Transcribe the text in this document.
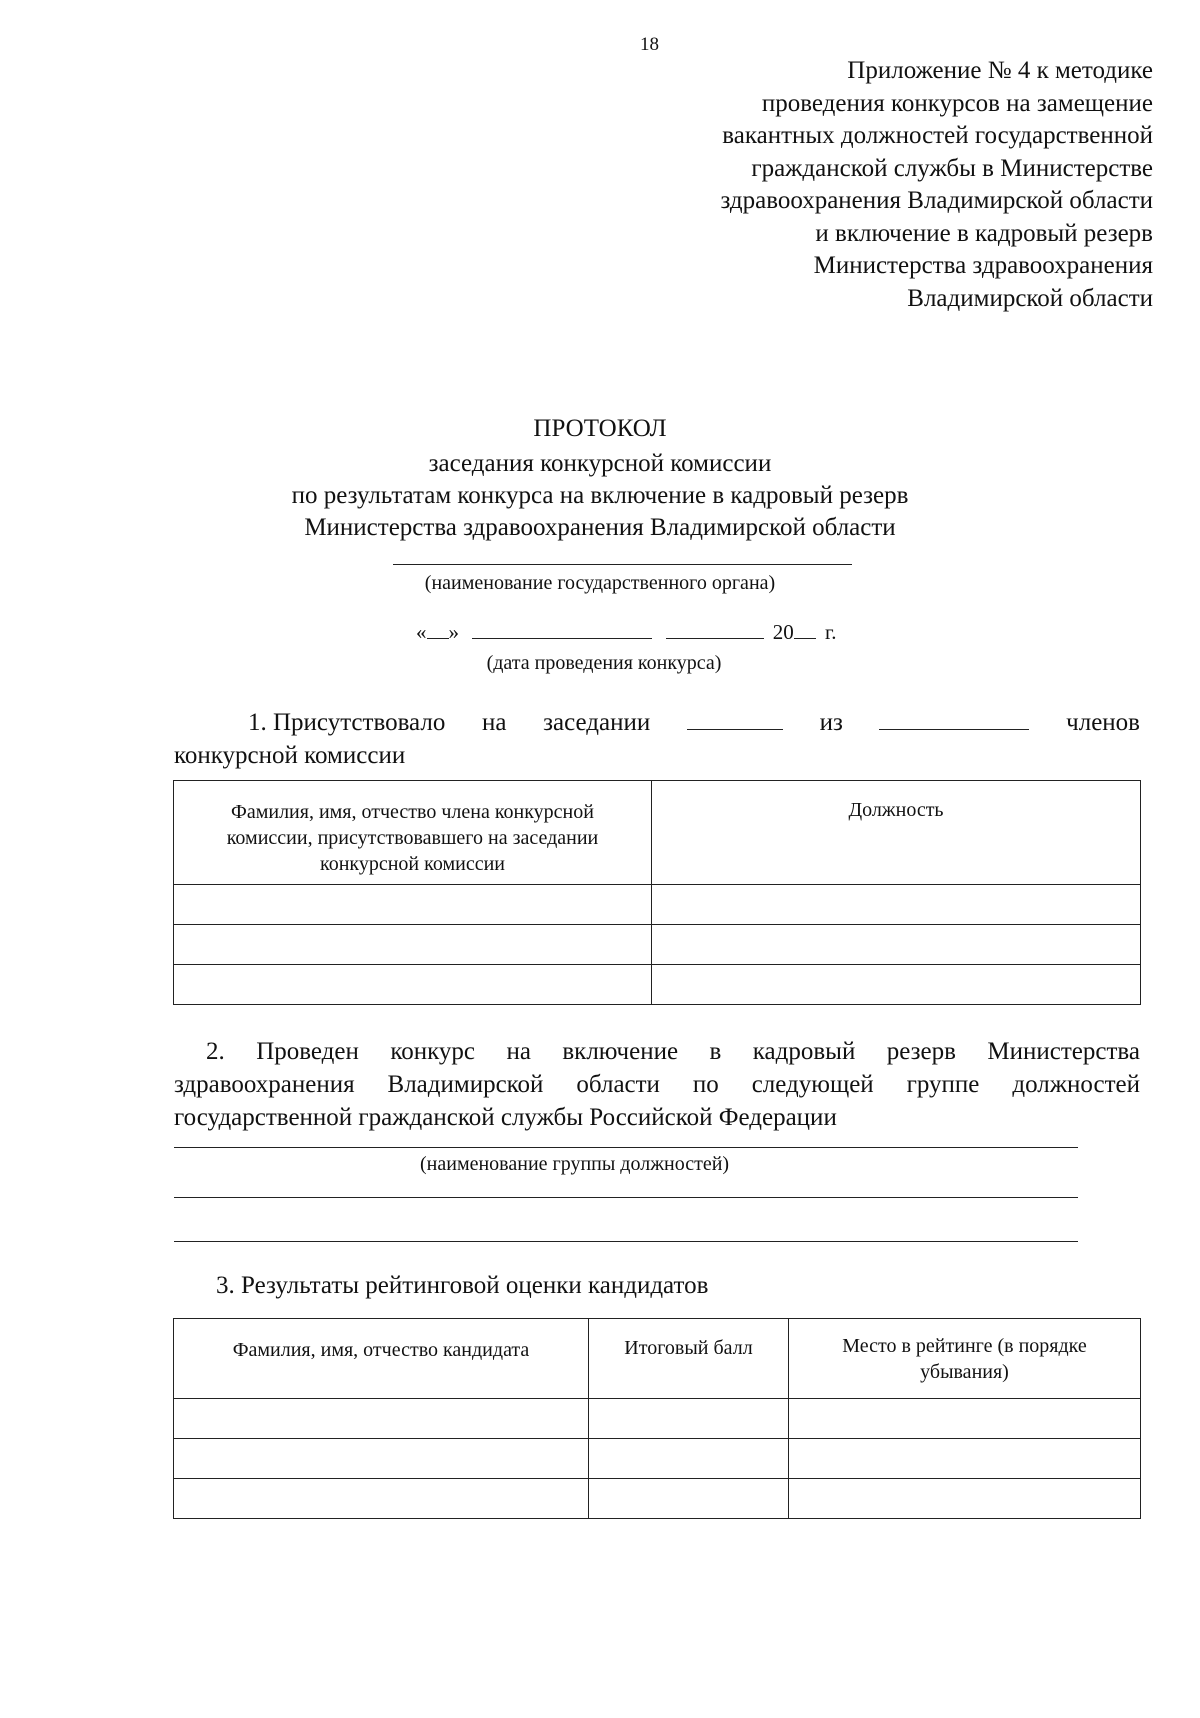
18
Приложение № 4 к методике
проведения конкурсов на замещение
вакантных должностей государственной
гражданской службы в Министерстве
здравоохранения Владимирской области
и включение в кадровый резерв
Министерства здравоохранения
Владимирской области
ПРОТОКОЛ
заседания конкурсной комиссии
по результатам конкурса на включение в кадровый резерв
Министерства здравоохранения Владимирской области
(наименование государственного органа)
« »	20 г.
(дата проведения конкурса)
1. Присутствовало на заседании	из	членов
конкурсной комиссии
Фамилия, имя, отчество члена конкурсной комиссии, присутствовавшего на заседании конкурсной комиссии	Должность

2. Проведен конкурс на включение в кадровый резерв Министерства
здравоохранения Владимирской области по следующей группе должностей
государственной гражданской службы Российской Федерации
(наименование группы должностей)
3. Результаты рейтинговой оценки кандидатов
Фамилия, имя, отчество кандидата	Итоговый балл	Место в рейтинге (в порядке убывания)
